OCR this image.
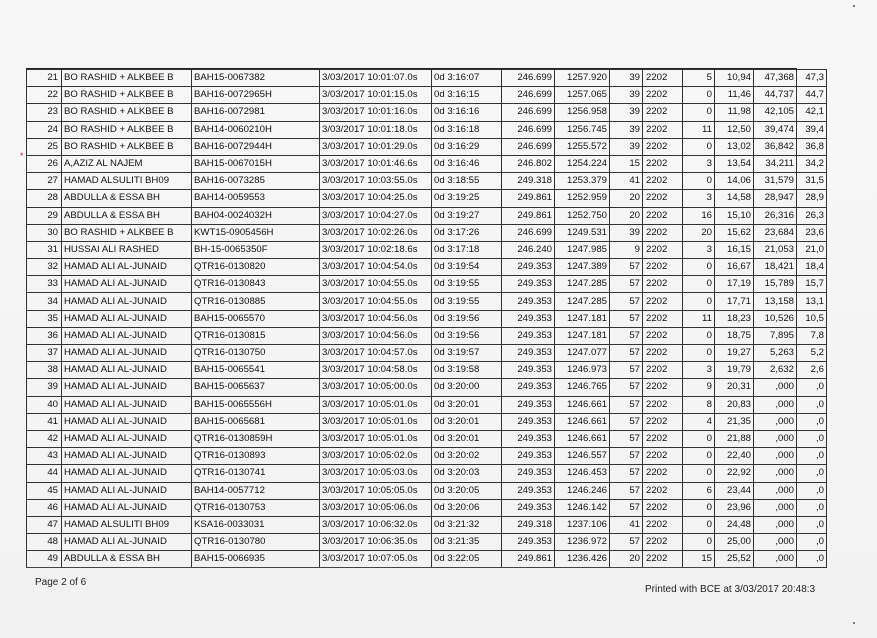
21	BO RASHID + ALKBEE B	BAH15-0067382	3/03/2017 10:01:07.0s	0d 3:16:07	246.699	1257.920	39	2202	5	10,94	47,368	47,3
22	BO RASHID + ALKBEE B	BAH16-0072965H	3/03/2017 10:01:15.0s	0d 3:16:15	246.699	1257.065	39	2202	0	11,46	44,737	44,7
23	BO RASHID + ALKBEE B	BAH16-0072981	3/03/2017 10:01:16.0s	0d 3:16:16	246.699	1256.958	39	2202	0	11,98	42,105	42,1
24	BO RASHID + ALKBEE B	BAH14-0060210H	3/03/2017 10:01:18.0s	0d 3:16:18	246.699	1256.745	39	2202	11	12,50	39,474	39,4
25	BO RASHID + ALKBEE B	BAH16-0072944H	3/03/2017 10:01:29.0s	0d 3:16:29	246.699	1255.572	39	2202	0	13,02	36,842	36,8
26	A,AZIZ AL NAJEM	BAH15-0067015H	3/03/2017 10:01:46.6s	0d 3:16:46	246.802	1254.224	15	2202	3	13,54	34,211	34,2
27	HAMAD ALSULITI BH09	BAH16-0073285	3/03/2017 10:03:55.0s	0d 3:18:55	249.318	1253.379	41	2202	0	14,06	31,579	31,5
28	ABDULLA & ESSA BH	BAH14-0059553	3/03/2017 10:04:25.0s	0d 3:19:25	249.861	1252.959	20	2202	3	14,58	28,947	28,9
29	ABDULLA & ESSA BH	BAH04-0024032H	3/03/2017 10:04:27.0s	0d 3:19:27	249.861	1252.750	20	2202	16	15,10	26,316	26,3
30	BO RASHID + ALKBEE B	KWT15-0905456H	3/03/2017 10:02:26.0s	0d 3:17:26	246.699	1249.531	39	2202	20	15,62	23,684	23,6
31	HUSSAI ALI RASHED	BH-15-0065350F	3/03/2017 10:02:18.6s	0d 3:17:18	246.240	1247.985	9	2202	3	16,15	21,053	21,0
32	HAMAD ALI AL-JUNAID	QTR16-0130820	3/03/2017 10:04:54.0s	0d 3:19:54	249.353	1247.389	57	2202	0	16,67	18,421	18,4
33	HAMAD ALI AL-JUNAID	QTR16-0130843	3/03/2017 10:04:55.0s	0d 3:19:55	249.353	1247.285	57	2202	0	17,19	15,789	15,7
34	HAMAD ALI AL-JUNAID	QTR16-0130885	3/03/2017 10:04:55.0s	0d 3:19:55	249.353	1247.285	57	2202	0	17,71	13,158	13,1
35	HAMAD ALI AL-JUNAID	BAH15-0065570	3/03/2017 10:04:56.0s	0d 3:19:56	249.353	1247.181	57	2202	11	18,23	10,526	10,5
36	HAMAD ALI AL-JUNAID	QTR16-0130815	3/03/2017 10:04:56.0s	0d 3:19:56	249.353	1247.181	57	2202	0	18,75	7,895	7,8
37	HAMAD ALI AL-JUNAID	QTR16-0130750	3/03/2017 10:04:57.0s	0d 3:19:57	249.353	1247.077	57	2202	0	19,27	5,263	5,2
38	HAMAD ALI AL-JUNAID	BAH15-0065541	3/03/2017 10:04:58.0s	0d 3:19:58	249.353	1246.973	57	2202	3	19,79	2,632	2,6
39	HAMAD ALI AL-JUNAID	BAH15-0065637	3/03/2017 10:05:00.0s	0d 3:20:00	249.353	1246.765	57	2202	9	20,31	,000	,0
40	HAMAD ALI AL-JUNAID	BAH15-0065556H	3/03/2017 10:05:01.0s	0d 3:20:01	249.353	1246.661	57	2202	8	20,83	,000	,0
41	HAMAD ALI AL-JUNAID	BAH15-0065681	3/03/2017 10:05:01.0s	0d 3:20:01	249.353	1246.661	57	2202	4	21,35	,000	,0
42	HAMAD ALI AL-JUNAID	QTR16-0130859H	3/03/2017 10:05:01.0s	0d 3:20:01	249.353	1246.661	57	2202	0	21,88	,000	,0
43	HAMAD ALI AL-JUNAID	QTR16-0130893	3/03/2017 10:05:02.0s	0d 3:20:02	249.353	1246.557	57	2202	0	22,40	,000	,0
44	HAMAD ALI AL-JUNAID	QTR16-0130741	3/03/2017 10:05:03.0s	0d 3:20:03	249.353	1246.453	57	2202	0	22,92	,000	,0
45	HAMAD ALI AL-JUNAID	BAH14-0057712	3/03/2017 10:05:05.0s	0d 3:20:05	249.353	1246.246	57	2202	6	23,44	,000	,0
46	HAMAD ALI AL-JUNAID	QTR16-0130753	3/03/2017 10:05:06.0s	0d 3:20:06	249.353	1246.142	57	2202	0	23,96	,000	,0
47	HAMAD ALSULITI BH09	KSA16-0033031	3/03/2017 10:06:32.0s	0d 3:21:32	249.318	1237.106	41	2202	0	24,48	,000	,0
48	HAMAD ALI AL-JUNAID	QTR16-0130780	3/03/2017 10:06:35.0s	0d 3:21:35	249.353	1236.972	57	2202	0	25,00	,000	,0
49	ABDULLA & ESSA BH	BAH15-0066935	3/03/2017 10:07:05.0s	0d 3:22:05	249.861	1236.426	20	2202	15	25,52	,000	,0
*
Page 2 of 6
Printed with BCE at 3/03/2017 20:48:3
